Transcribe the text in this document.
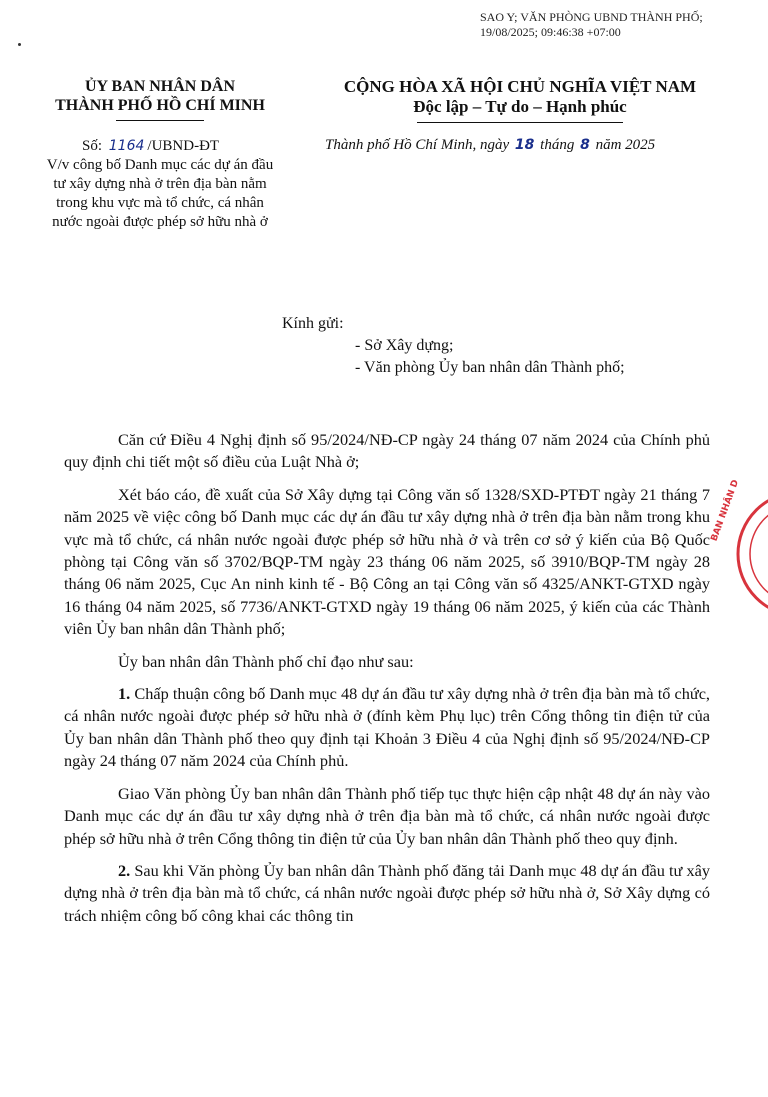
SAO Y; VĂN PHÒNG UBND THÀNH PHỐ;
19/08/2025; 09:46:38 +07:00
ỦY BAN NHÂN DÂN
THÀNH PHỐ HỒ CHÍ MINH
CỘNG HÒA XÃ HỘI CHỦ NGHĨA VIỆT NAM
Độc lập – Tự do – Hạnh phúc
Số: 1164 /UBND-ĐT
V/v công bố Danh mục các dự án đầu tư xây dựng nhà ở trên địa bàn nằm trong khu vực mà tổ chức, cá nhân nước ngoài được phép sở hữu nhà ở
Thành phố Hồ Chí Minh, ngày 18 tháng 8 năm 2025
Kính gửi:
- Sở Xây dựng;
- Văn phòng Ủy ban nhân dân Thành phố;

Căn cứ Điều 4 Nghị định số 95/2024/NĐ-CP ngày 24 tháng 07 năm 2024 của Chính phủ quy định chi tiết một số điều của Luật Nhà ở;

Xét báo cáo, đề xuất của Sở Xây dựng tại Công văn số 1328/SXD-PTĐT ngày 21 tháng 7 năm 2025 về việc công bố Danh mục các dự án đầu tư xây dựng nhà ở trên địa bàn nằm trong khu vực mà tổ chức, cá nhân nước ngoài được phép sở hữu nhà ở và trên cơ sở ý kiến của Bộ Quốc phòng tại Công văn số 3702/BQP-TM ngày 23 tháng 06 năm 2025, số 3910/BQP-TM ngày 28 tháng 06 năm 2025, Cục An ninh kinh tế - Bộ Công an tại Công văn số 4325/ANKT-GTXD ngày 16 tháng 04 năm 2025, số 7736/ANKT-GTXD ngày 19 tháng 06 năm 2025, ý kiến của các Thành viên Ủy ban nhân dân Thành phố;

Ủy ban nhân dân Thành phố chỉ đạo như sau:

1. Chấp thuận công bố Danh mục 48 dự án đầu tư xây dựng nhà ở trên địa bàn mà tổ chức, cá nhân nước ngoài được phép sở hữu nhà ở (đính kèm Phụ lục) trên Cổng thông tin điện tử của Ủy ban nhân dân Thành phố theo quy định tại Khoản 3 Điều 4 của Nghị định số 95/2024/NĐ-CP ngày 24 tháng 07 năm 2024 của Chính phủ.

Giao Văn phòng Ủy ban nhân dân Thành phố tiếp tục thực hiện cập nhật 48 dự án này vào Danh mục các dự án đầu tư xây dựng nhà ở trên địa bàn mà tổ chức, cá nhân nước ngoài được phép sở hữu nhà ở trên Cổng thông tin điện tử của Ủy ban nhân dân Thành phố theo quy định.

2. Sau khi Văn phòng Ủy ban nhân dân Thành phố đăng tải Danh mục 48 dự án đầu tư xây dựng nhà ở trên địa bàn mà tổ chức, cá nhân nước ngoài được phép sở hữu nhà ở, Sở Xây dựng có trách nhiệm công bố công khai các thông tin

BAN NHÂN D
